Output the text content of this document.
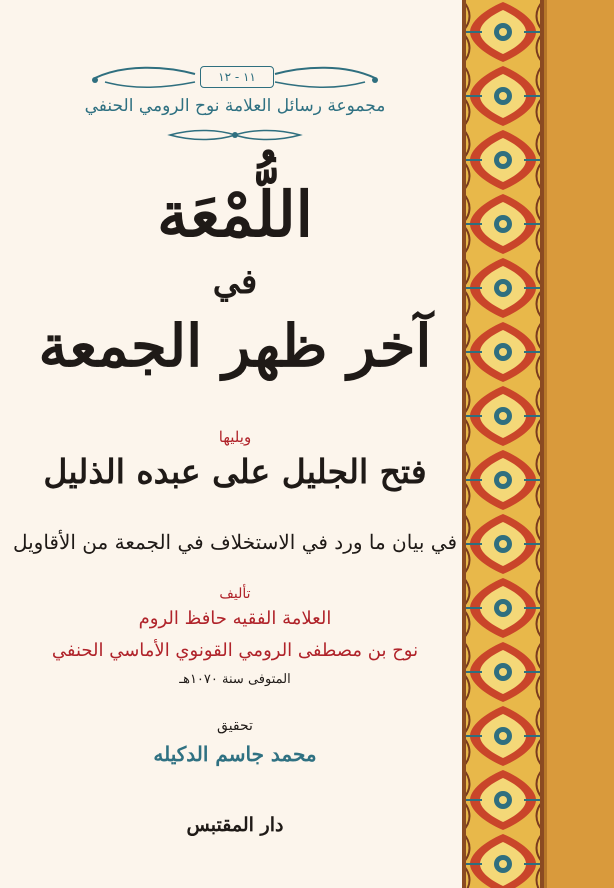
١١ - ١٢
مجموعة رسائل العلامة نوح الرومي الحنفي
اللُّمْعَة
في
آخر ظهر الجمعة
ويليها
فتح الجليل على عبده الذليل
في بيان ما ورد في الاستخلاف في الجمعة من الأقاويل
تأليف
العلامة الفقيه حافظ الروم
نوح بن مصطفى الرومي القونوي الأماسي الحنفي
المتوفى سنة ١٠٧٠هـ
تحقيق
محمد جاسم الدكيله
دار المقتبس
